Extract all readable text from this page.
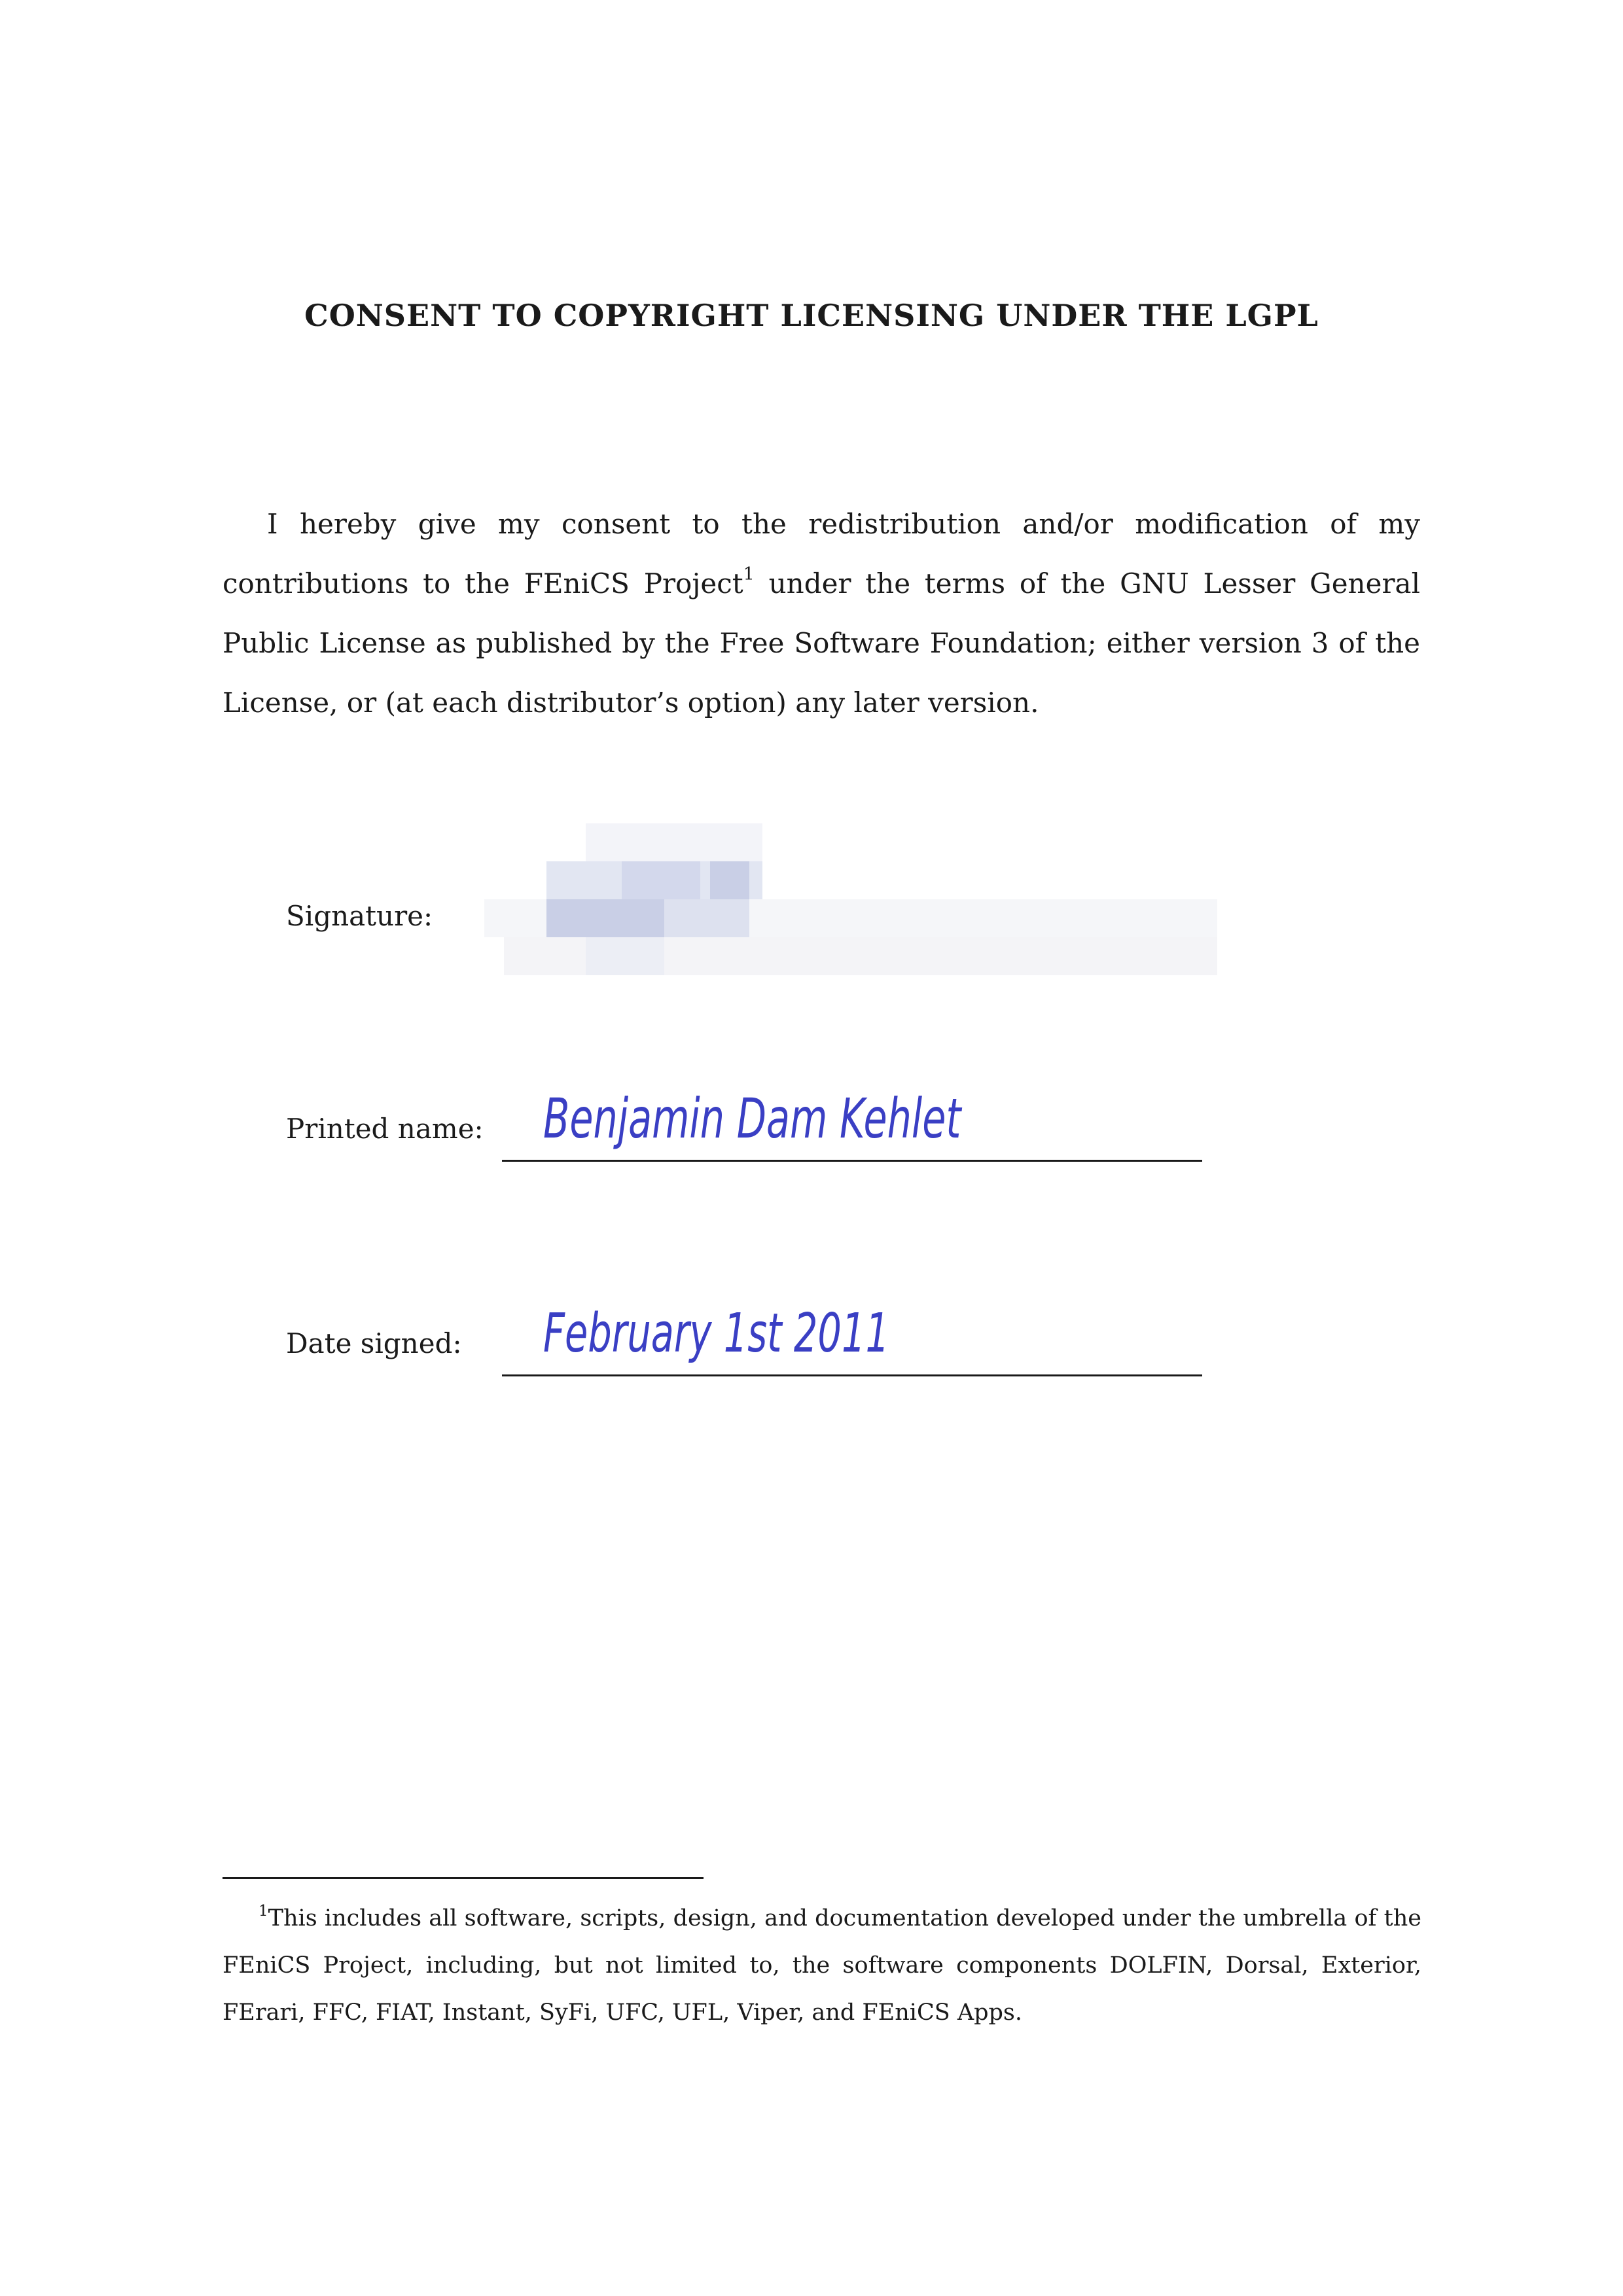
CONSENT TO COPYRIGHT LICENSING UNDER THE LGPL
I hereby give my consent to the redistribution and/or modification of my contributions to the FEniCS Project$^1$ under the terms of the GNU Lesser General Public License as published by the Free Software Foundation; either version 3 of the License, or (at each distributor’s option) any later version.
Signature:
Printed name: Benjamin Dam Kehlet
Date signed: February 1st 2011
$^1$This includes all software, scripts, design, and documentation developed under the umbrella of the FEniCS Project, including, but not limited to, the software components DOLFIN, Dorsal, Exterior, FErari, FFC, FIAT, Instant, SyFi, UFC, UFL, Viper, and FEniCS Apps.
